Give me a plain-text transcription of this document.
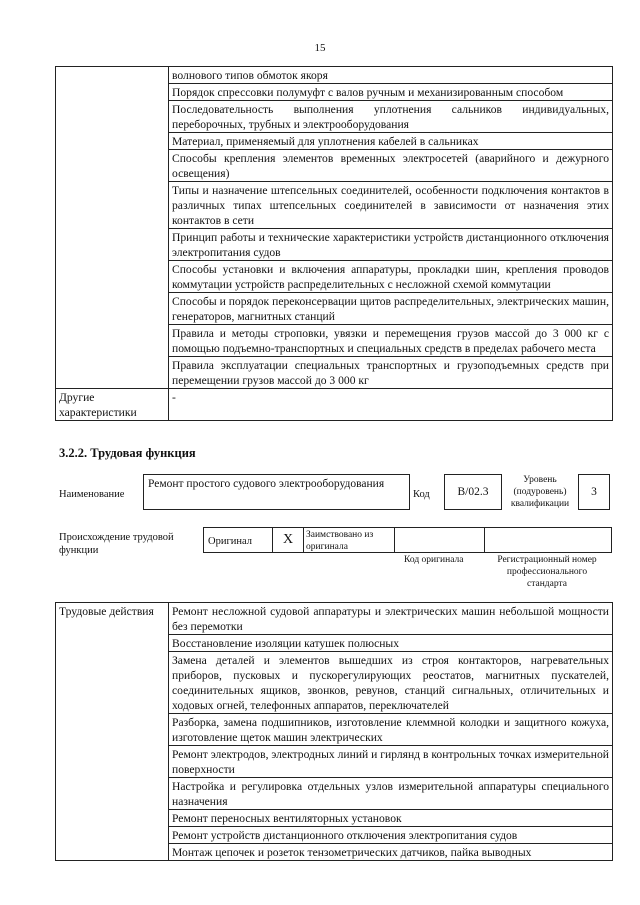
15
	волнового типов обмоток якоря
	Порядок спрессовки полумуфт с валов ручным и механизированным способом
	Последовательность выполнения уплотнения сальников индивидуальных, переборочных, трубных и электрооборудования
	Материал, применяемый для уплотнения кабелей в сальниках
	Способы крепления элементов временных электросетей (аварийного и дежурного освещения)
	Типы и назначение штепсельных соединителей, особенности подключения контактов в различных типах штепсельных соединителей в зависимости от назначения этих контактов в сети
	Принцип работы и технические характеристики устройств дистанционного отключения электропитания судов
	Способы установки и включения аппаратуры, прокладки шин, крепления проводов коммутации устройств распределительных с несложной схемой коммутации
	Способы и порядок переконсервации щитов распределительных, электрических машин, генераторов, магнитных станций
	Правила и методы строповки, увязки и перемещения грузов массой до 3 000 кг с помощью подъемно-транспортных и специальных средств в пределах рабочего места
	Правила эксплуатации специальных транспортных и грузоподъемных средств при перемещении грузов массой до 3 000 кг
Другие характеристики	-
3.2.2. Трудовая функция
Наименование
Ремонт простого судового электрооборудования
Код	B/02.3
Уровень (подуровень) квалификации
3
Происхождение трудовой функции
Оригинал	X	Заимствовано из оригинала
Код оригинала	Регистрационный номер профессионального стандарта
Трудовые действия	Ремонт несложной судовой аппаратуры и электрических машин небольшой мощности без перемотки
Восстановление изоляции катушек полюсных
Замена деталей и элементов вышедших из строя контакторов, нагревательных приборов, пусковых и пускорегулирующих реостатов, магнитных пускателей, соединительных ящиков, звонков, ревунов, станций сигнальных, отличительных и ходовых огней, телефонных аппаратов, переключателей
Разборка, замена подшипников, изготовление клеммной колодки и защитного кожуха, изготовление щеток машин электрических
Ремонт электродов, электродных линий и гирлянд в контрольных точках измерительной поверхности
Настройка и регулировка отдельных узлов измерительной аппаратуры специального назначения
Ремонт переносных вентиляторных установок
Ремонт устройств дистанционного отключения электропитания судов
Монтаж цепочек и розеток тензометрических датчиков, пайка выводных
